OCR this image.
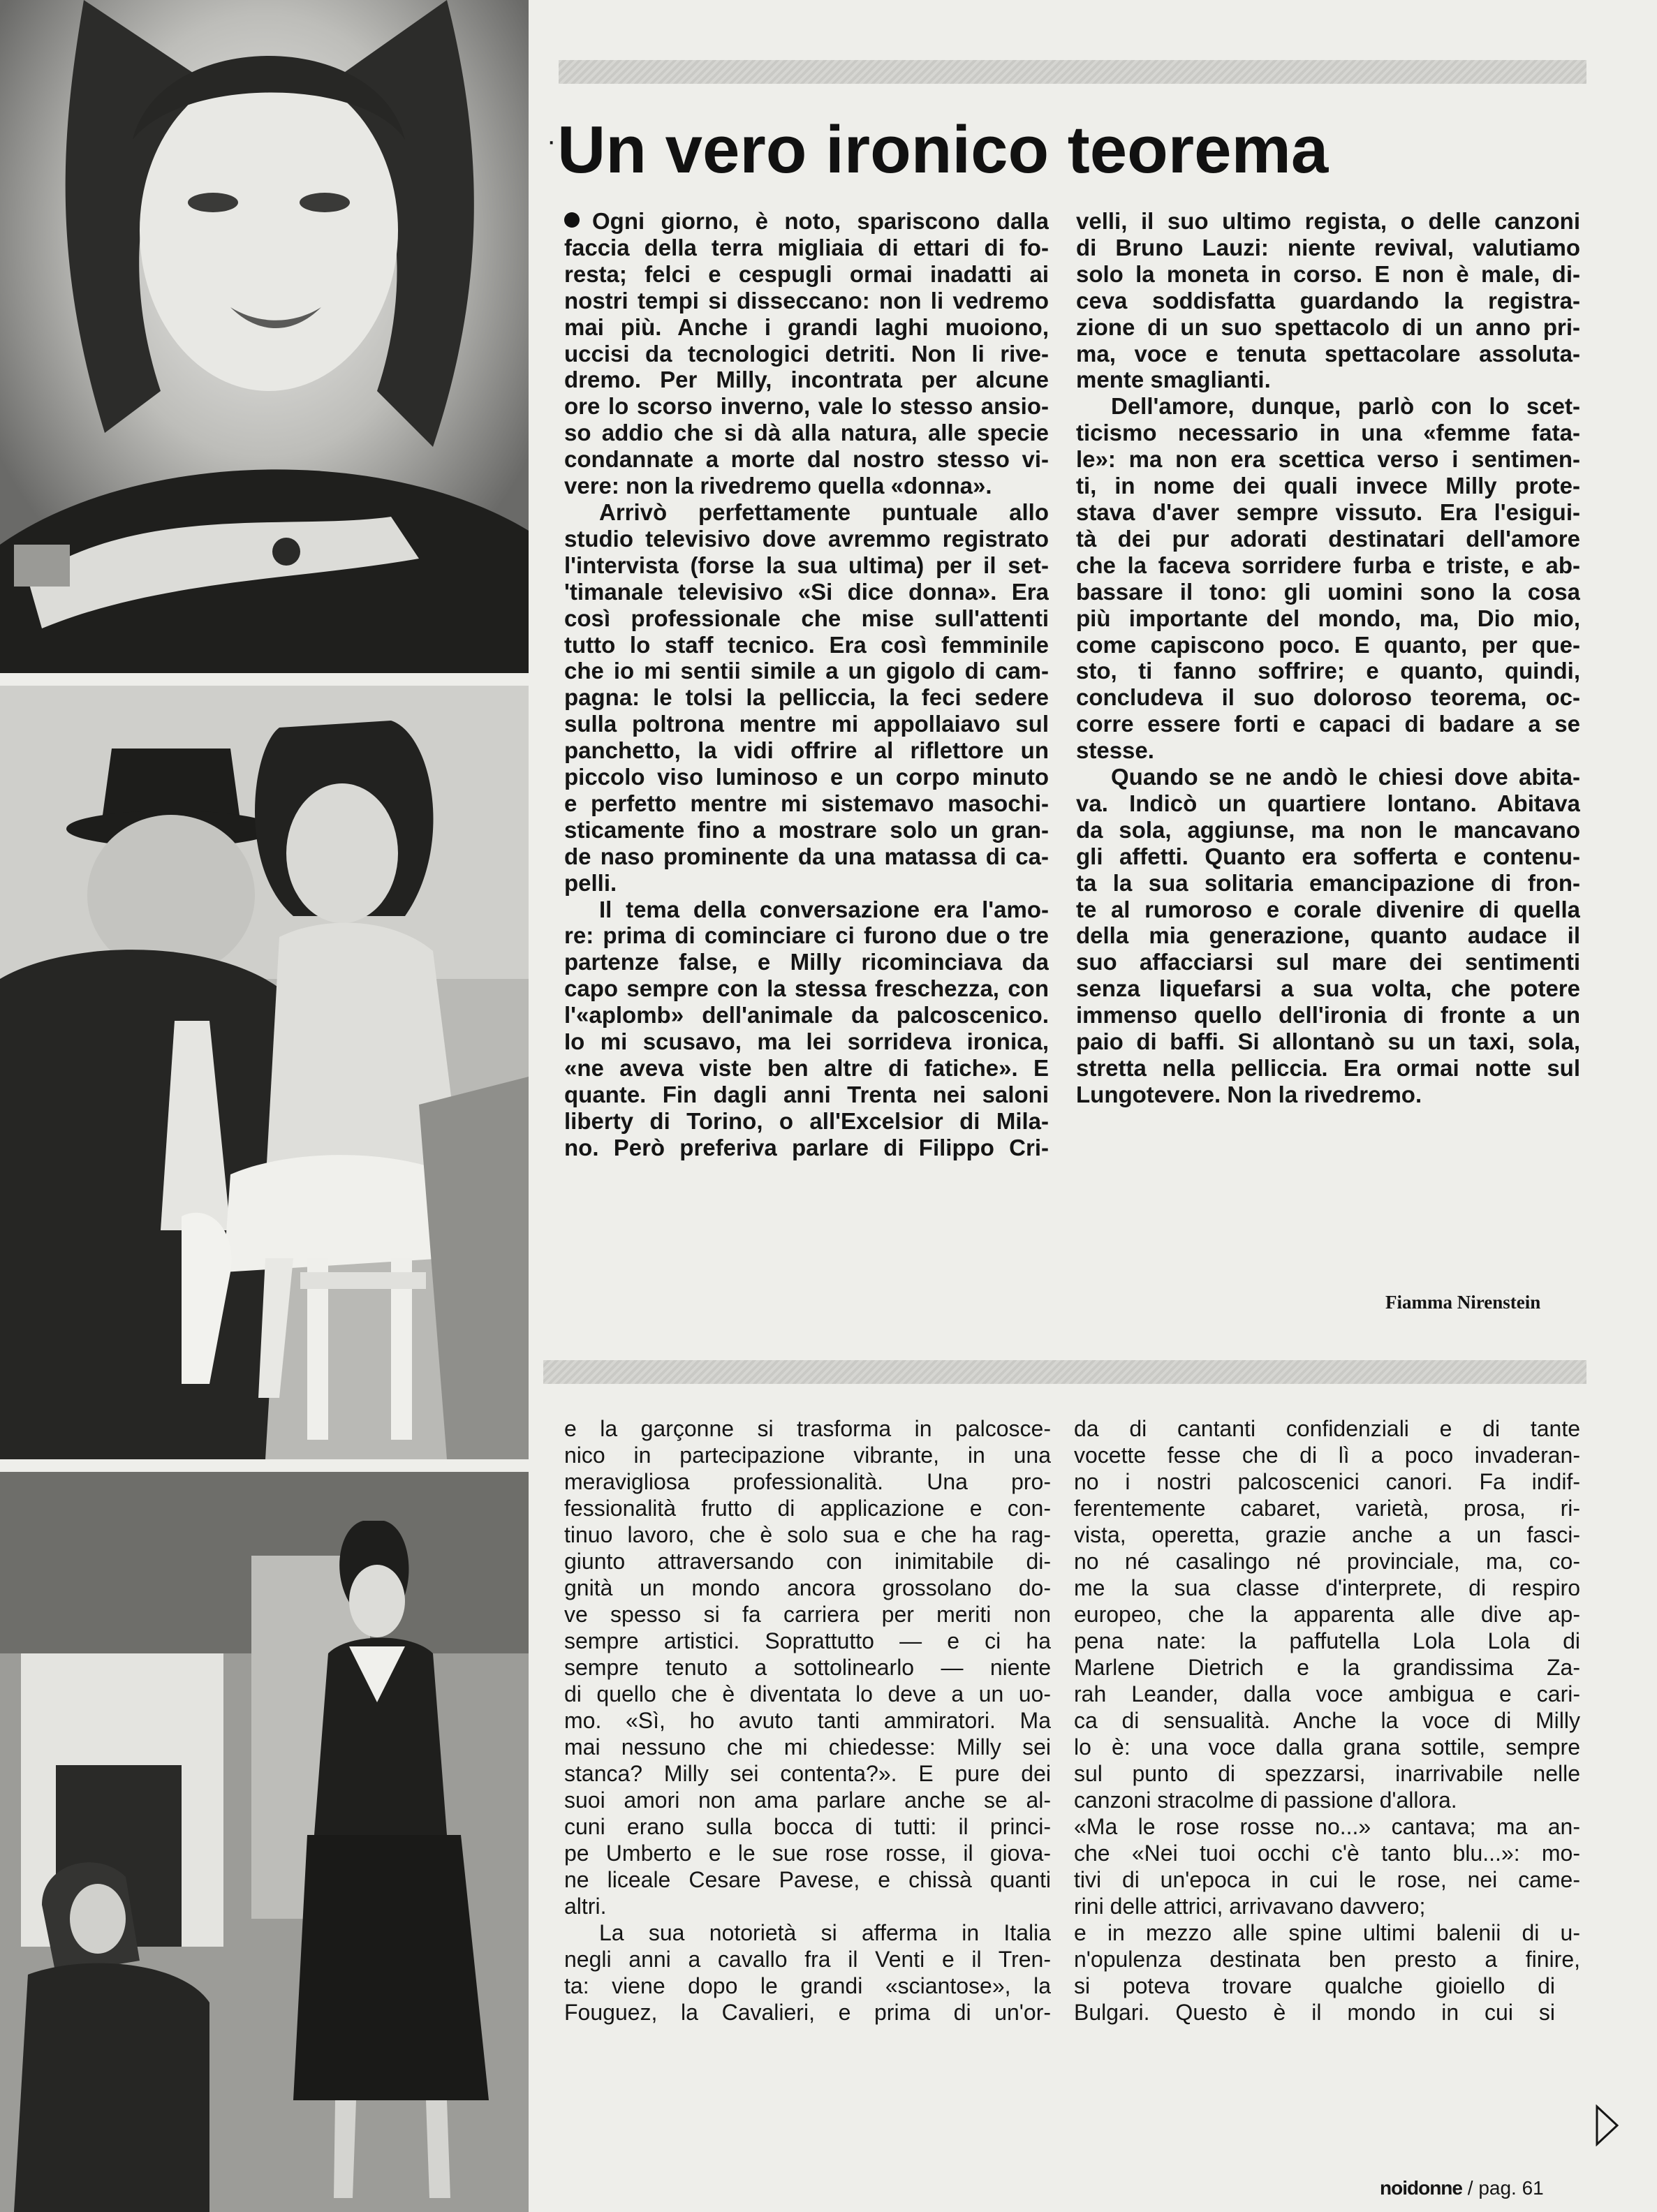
· Un vero ironico teorema
Ogni giorno, è noto, spariscono dalla
faccia della terra migliaia di ettari di fo-
resta; felci e cespugli ormai inadatti ai
nostri tempi si disseccano: non li vedremo
mai più. Anche i grandi laghi muoiono,
uccisi da tecnologici detriti. Non li rive-
dremo. Per Milly, incontrata per alcune
ore lo scorso inverno, vale lo stesso ansio-
so addio che si dà alla natura, alle specie
condannate a morte dal nostro stesso vi-
vere: non la rivedremo quella «donna».
Arrivò perfettamente puntuale allo
studio televisivo dove avremmo registrato
l'intervista (forse la sua ultima) per il set-
'timanale televisivo «Si dice donna». Era
così professionale che mise sull'attenti
tutto lo staff tecnico. Era così femminile
che io mi sentii simile a un gigolo di cam-
pagna: le tolsi la pelliccia, la feci sedere
sulla poltrona mentre mi appollaiavo sul
panchetto, la vidi offrire al riflettore un
piccolo viso luminoso e un corpo minuto
e perfetto mentre mi sistemavo masochi-
sticamente fino a mostrare solo un gran-
de naso prominente da una matassa di ca-
pelli.
Il tema della conversazione era l'amo-
re: prima di cominciare ci furono due o tre
partenze false, e Milly ricominciava da
capo sempre con la stessa freschezza, con
l'«aplomb» dell'animale da palcoscenico.
Io mi scusavo, ma lei sorrideva ironica,
«ne aveva viste ben altre di fatiche». E
quante. Fin dagli anni Trenta nei saloni
liberty di Torino, o all'Excelsior di Mila-
no. Però preferiva parlare di Filippo Cri-
velli, il suo ultimo regista, o delle canzoni
di Bruno Lauzi: niente revival, valutiamo
solo la moneta in corso. E non è male, di-
ceva soddisfatta guardando la registra-
zione di un suo spettacolo di un anno pri-
ma, voce e tenuta spettacolare assoluta-
mente smaglianti.
Dell'amore, dunque, parlò con lo scet-
ticismo necessario in una «femme fata-
le»: ma non era scettica verso i sentimen-
ti, in nome dei quali invece Milly prote-
stava d'aver sempre vissuto. Era l'esigui-
tà dei pur adorati destinatari dell'amore
che la faceva sorridere furba e triste, e ab-
bassare il tono: gli uomini sono la cosa
più importante del mondo, ma, Dio mio,
come capiscono poco. E quanto, per que-
sto, ti fanno soffrire; e quanto, quindi,
concludeva il suo doloroso teorema, oc-
corre essere forti e capaci di badare a se
stesse.
Quando se ne andò le chiesi dove abita-
va. Indicò un quartiere lontano. Abitava
da sola, aggiunse, ma non le mancavano
gli affetti. Quanto era sofferta e contenu-
ta la sua solitaria emancipazione di fron-
te al rumoroso e corale divenire di quella
della mia generazione, quanto audace il
suo affacciarsi sul mare dei sentimenti
senza liquefarsi a sua volta, che potere
immenso quello dell'ironia di fronte a un
paio di baffi. Si allontanò su un taxi, sola,
stretta nella pelliccia. Era ormai notte sul
Lungotevere. Non la rivedremo.
Fiamma Nirenstein
e la garçonne si trasforma in palcosce-
nico in partecipazione vibrante, in una
meravigliosa professionalità. Una pro-
fessionalità frutto di applicazione e con-
tinuo lavoro, che è solo sua e che ha rag-
giunto attraversando con inimitabile di-
gnità un mondo ancora grossolano do-
ve spesso si fa carriera per meriti non
sempre artistici. Soprattutto — e ci ha
sempre tenuto a sottolinearlo — niente
di quello che è diventata lo deve a un uo-
mo. «Sì, ho avuto tanti ammiratori. Ma
mai nessuno che mi chiedesse: Milly sei
stanca? Milly sei contenta?». E pure dei
suoi amori non ama parlare anche se al-
cuni erano sulla bocca di tutti: il princi-
pe Umberto e le sue rose rosse, il giova-
ne liceale Cesare Pavese, e chissà quanti
altri.
La sua notorietà si afferma in Italia
negli anni a cavallo fra il Venti e il Tren-
ta: viene dopo le grandi «sciantose», la
Fouguez, la Cavalieri, e prima di un'or-
da di cantanti confidenziali e di tante
vocette fesse che di lì a poco invaderan-
no i nostri palcoscenici canori. Fa indif-
ferentemente cabaret, varietà, prosa, ri-
vista, operetta, grazie anche a un fasci-
no né casalingo né provinciale, ma, co-
me la sua classe d'interprete, di respiro
europeo, che la apparenta alle dive ap-
pena nate: la paffutella Lola Lola di
Marlene Dietrich e la grandissima Za-
rah Leander, dalla voce ambigua e cari-
ca di sensualità. Anche la voce di Milly
lo è: una voce dalla grana sottile, sempre
sul punto di spezzarsi, inarrivabile nelle
canzoni stracolme di passione d'allora.
«Ma le rose rosse no...» cantava; ma an-
che «Nei tuoi occhi c'è tanto blu...»: mo-
tivi di un'epoca in cui le rose, nei came-
rini delle attrici, arrivavano davvero;
e in mezzo alle spine ultimi balenii di u-
n'opulenza destinata ben presto a finire,
si poteva trovare qualche gioiello di
Bulgari. Questo è il mondo in cui si
noidonne / pag. 61
